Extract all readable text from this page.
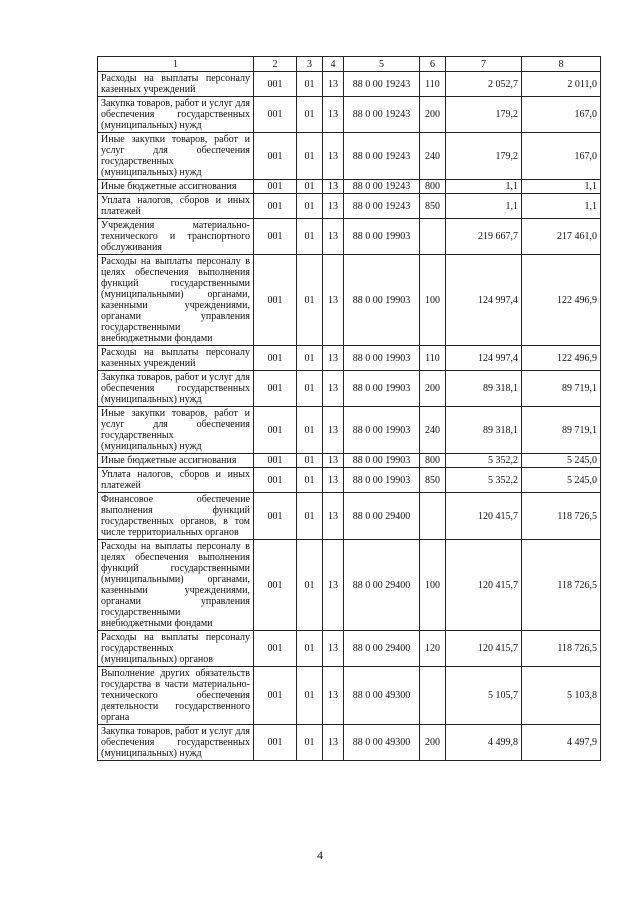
1	2	3	4	5	6	7	8
Расходы на выплаты персоналу казенных учреждений	001	01	13	88 0 00 19243	110	2 052,7	2 011,0
Закупка товаров, работ и услуг для обеспечения государственных (муниципальных) нужд	001	01	13	88 0 00 19243	200	179,2	167,0
Иные закупки товаров, работ и услуг для обеспечения государственных (муниципальных) нужд	001	01	13	88 0 00 19243	240	179,2	167,0
Иные бюджетные ассигнования	001	01	13	88 0 00 19243	800	1,1	1,1
Уплата налогов, сборов и иных платежей	001	01	13	88 0 00 19243	850	1,1	1,1
Учреждения материально-технического и транспортного обслуживания	001	01	13	88 0 00 19903		219 667,7	217 461,0
Расходы на выплаты персоналу в целях обеспечения выполнения функций государственными (муниципальными) органами, казенными учреждениями, органами управления государственными внебюджетными фондами	001	01	13	88 0 00 19903	100	124 997,4	122 496,9
Расходы на выплаты персоналу казенных учреждений	001	01	13	88 0 00 19903	110	124 997,4	122 496,9
Закупка товаров, работ и услуг для обеспечения государственных (муниципальных) нужд	001	01	13	88 0 00 19903	200	89 318,1	89 719,1
Иные закупки товаров, работ и услуг для обеспечения государственных (муниципальных) нужд	001	01	13	88 0 00 19903	240	89 318,1	89 719,1
Иные бюджетные ассигнования	001	01	13	88 0 00 19903	800	5 352,2	5 245,0
Уплата налогов, сборов и иных платежей	001	01	13	88 0 00 19903	850	5 352,2	5 245,0
Финансовое обеспечение выполнения функций государственных органов, в том числе территориальных органов	001	01	13	88 0 00 29400		120 415,7	118 726,5
Расходы на выплаты персоналу в целях обеспечения выполнения функций государственными (муниципальными) органами, казенными учреждениями, органами управления государственными внебюджетными фондами	001	01	13	88 0 00 29400	100	120 415,7	118 726,5
Расходы на выплаты персоналу государственных (муниципальных) органов	001	01	13	88 0 00 29400	120	120 415,7	118 726,5
Выполнение других обязательств государства в части материально-технического обеспечения деятельности государственного органа	001	01	13	88 0 00 49300		5 105,7	5 103,8
Закупка товаров, работ и услуг для обеспечения государственных (муниципальных) нужд	001	01	13	88 0 00 49300	200	4 499,8	4 497,9
4
